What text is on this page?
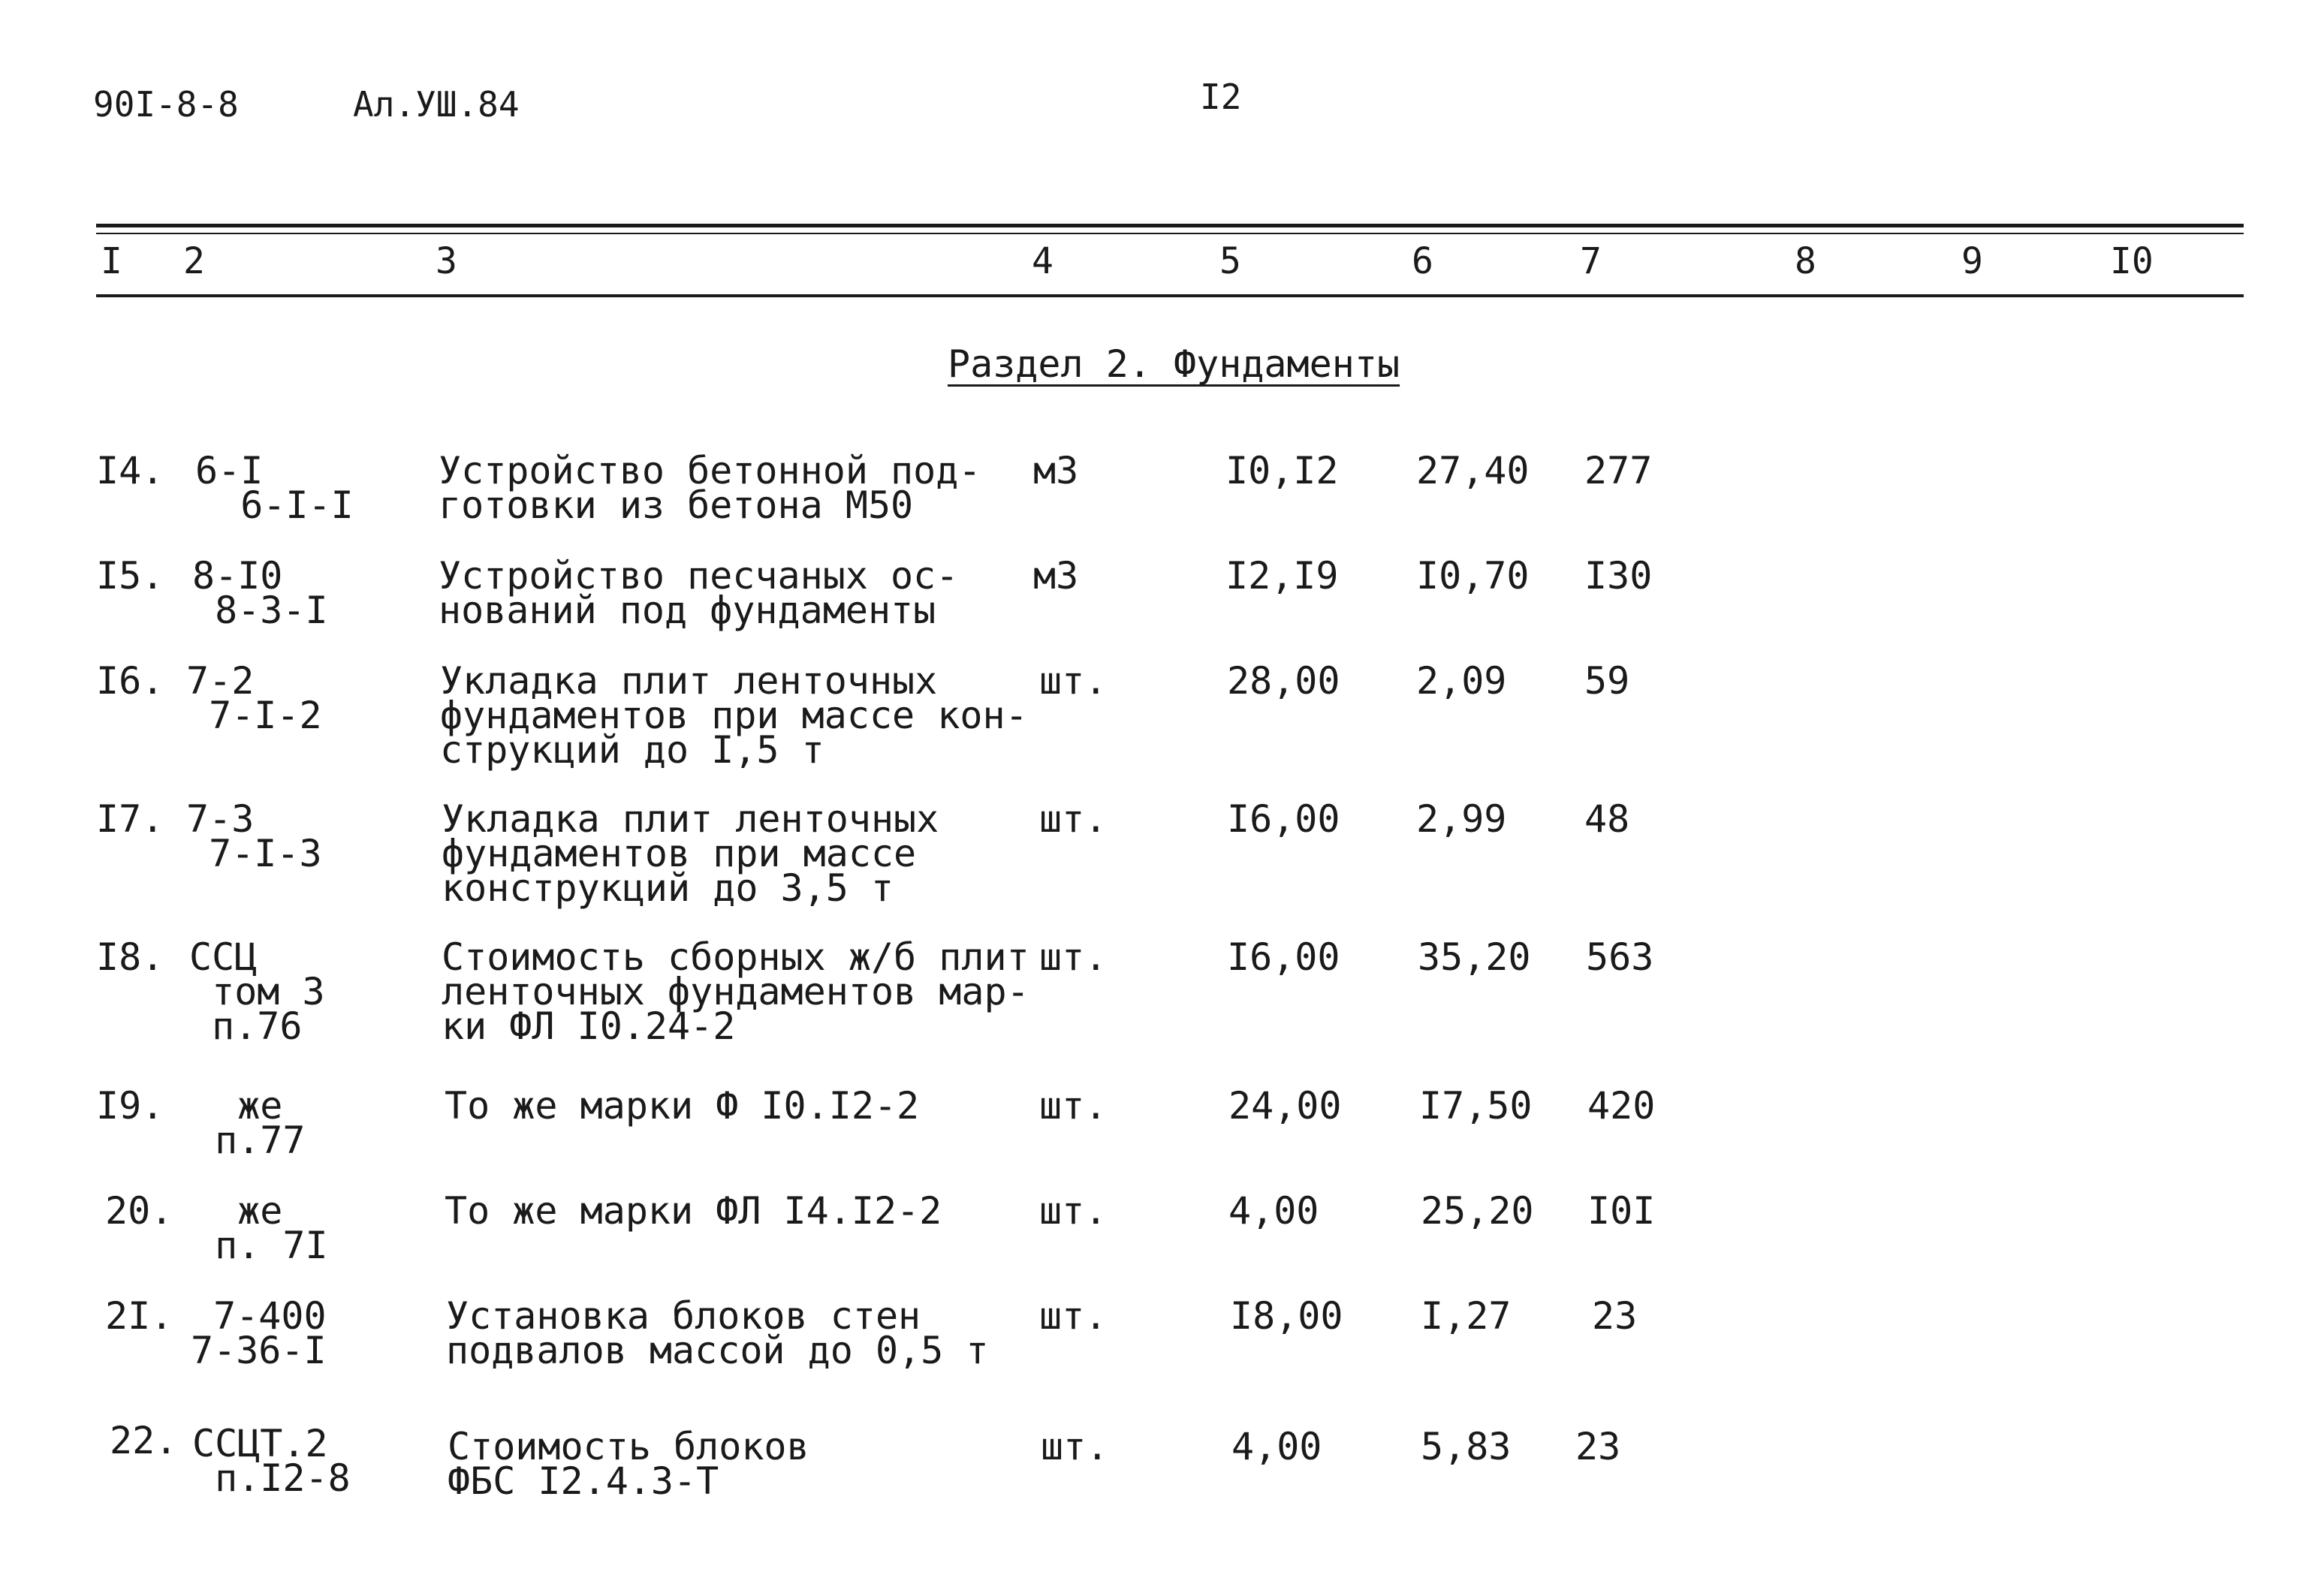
90I-8-8	Ал.УШ.84	I2
I 2	3	4	5	6	7	8	9	I0
Раздел 2. Фундаменты
I4. 6-I
6-I-I
Устройство бетонной под-
готовки из бетона М50
м3	I0,I2 27,40 277
I5. 8-I0
8-3-I
Устройство песчаных ос-
нований под фундаменты
м3	I2,I9 I0,70 I30
I6. 7-2
7-I-2
Укладка плит ленточных
фундаментов при массе кон-
струкций до I,5 т
шт.	28,00 2,09 59
I7. 7-3
7-I-3
Укладка плит ленточных
фундаментов при массе
конструкций до 3,5 т
шт.	I6,00 2,99 48
I8. ССЦ
том 3
п.76
Стоимость сборных ж/б плит
ленточных фундаментов мар-
ки ФЛ I0.24-2
шт.	I6,00 35,20 563
I9.	же
п.77
То же марки Ф I0.I2-2	шт.	24,00 I7,50 420
20.	же
п. 7I
То же марки ФЛ I4.I2-2	шт.	4,00	25,20 I0I
2I.	7-400
7-36-I
Установка блоков стен
подвалов массой до 0,5 т
шт.	I8,00 I,27 23
22. ССЦТ.2
п.I2-8
Стоимость блоков
ФБС I2.4.3-Т
шт.	4,00	5,83 23
